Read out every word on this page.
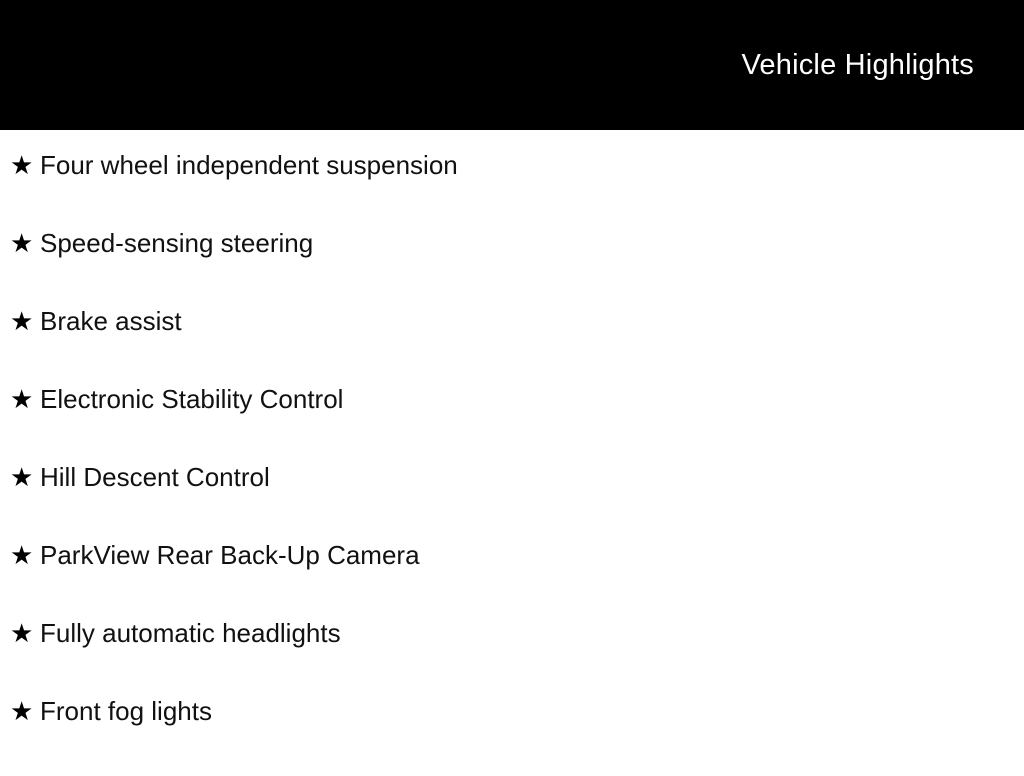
Vehicle Highlights
★ Four wheel independent suspension
★ Speed-sensing steering
★ Brake assist
★ Electronic Stability Control
★ Hill Descent Control
★ ParkView Rear Back-Up Camera
★ Fully automatic headlights
★ Front fog lights
